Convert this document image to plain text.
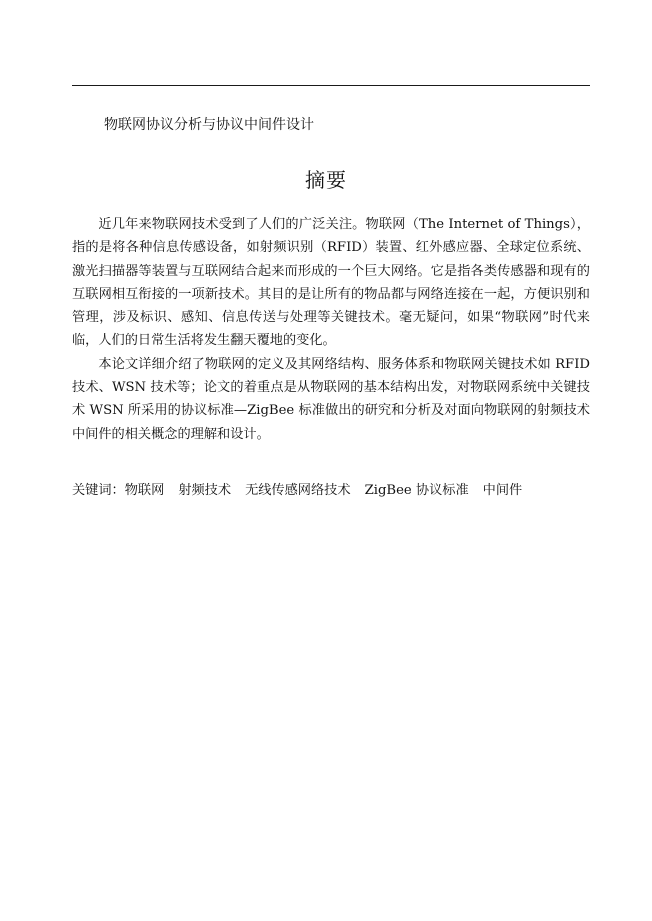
物联网协议分析与协议中间件设计
摘要

近几年来物联网技术受到了人们的广泛关注。物联网（The Internet of Things），指的是将各种信息传感设备，如射频识别（RFID）装置、红外感应器、全球定位系统、激光扫描器等装置与互联网结合起来而形成的一个巨大网络。它是指各类传感器和现有的互联网相互衔接的一项新技术。其目的是让所有的物品都与网络连接在一起，方便识别和管理，涉及标识、感知、信息传送与处理等关键技术。毫无疑问，如果“物联网”时代来临，人们的日常生活将发生翻天覆地的变化。

本论文详细介绍了物联网的定义及其网络结构、服务体系和物联网关键技术如 RFID 技术、WSN 技术等；论文的着重点是从物联网的基本结构出发，对物联网系统中关键技术 WSN 所采用的协议标准—ZigBee 标准做出的研究和分析及对面向物联网的射频技术中间件的相关概念的理解和设计。

关键词：物联网 射频技术 无线传感网络技术 ZigBee 协议标准 中间件
